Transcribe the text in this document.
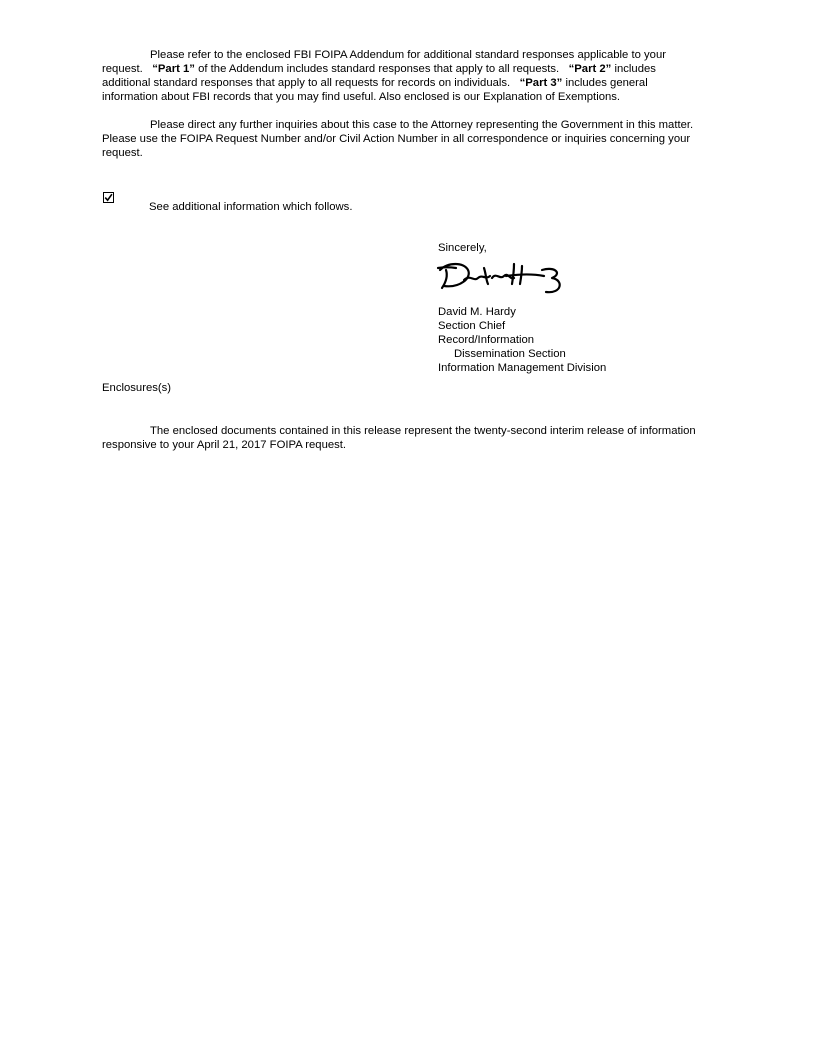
Please refer to the enclosed FBI FOIPA Addendum for additional standard responses applicable to your request. “Part 1” of the Addendum includes standard responses that apply to all requests. “Part 2” includes additional standard responses that apply to all requests for records on individuals. “Part 3” includes general information about FBI records that you may find useful. Also enclosed is our Explanation of Exemptions.

Please direct any further inquiries about this case to the Attorney representing the Government in this matter. Please use the FOIPA Request Number and/or Civil Action Number in all correspondence or inquiries concerning your request.

See additional information which follows.
Sincerely,
David M. Hardy
Section Chief
Record/Information
Dissemination Section
Information Management Division
Enclosures(s)

The enclosed documents contained in this release represent the twenty-second interim release of information responsive to your April 21, 2017 FOIPA request.
